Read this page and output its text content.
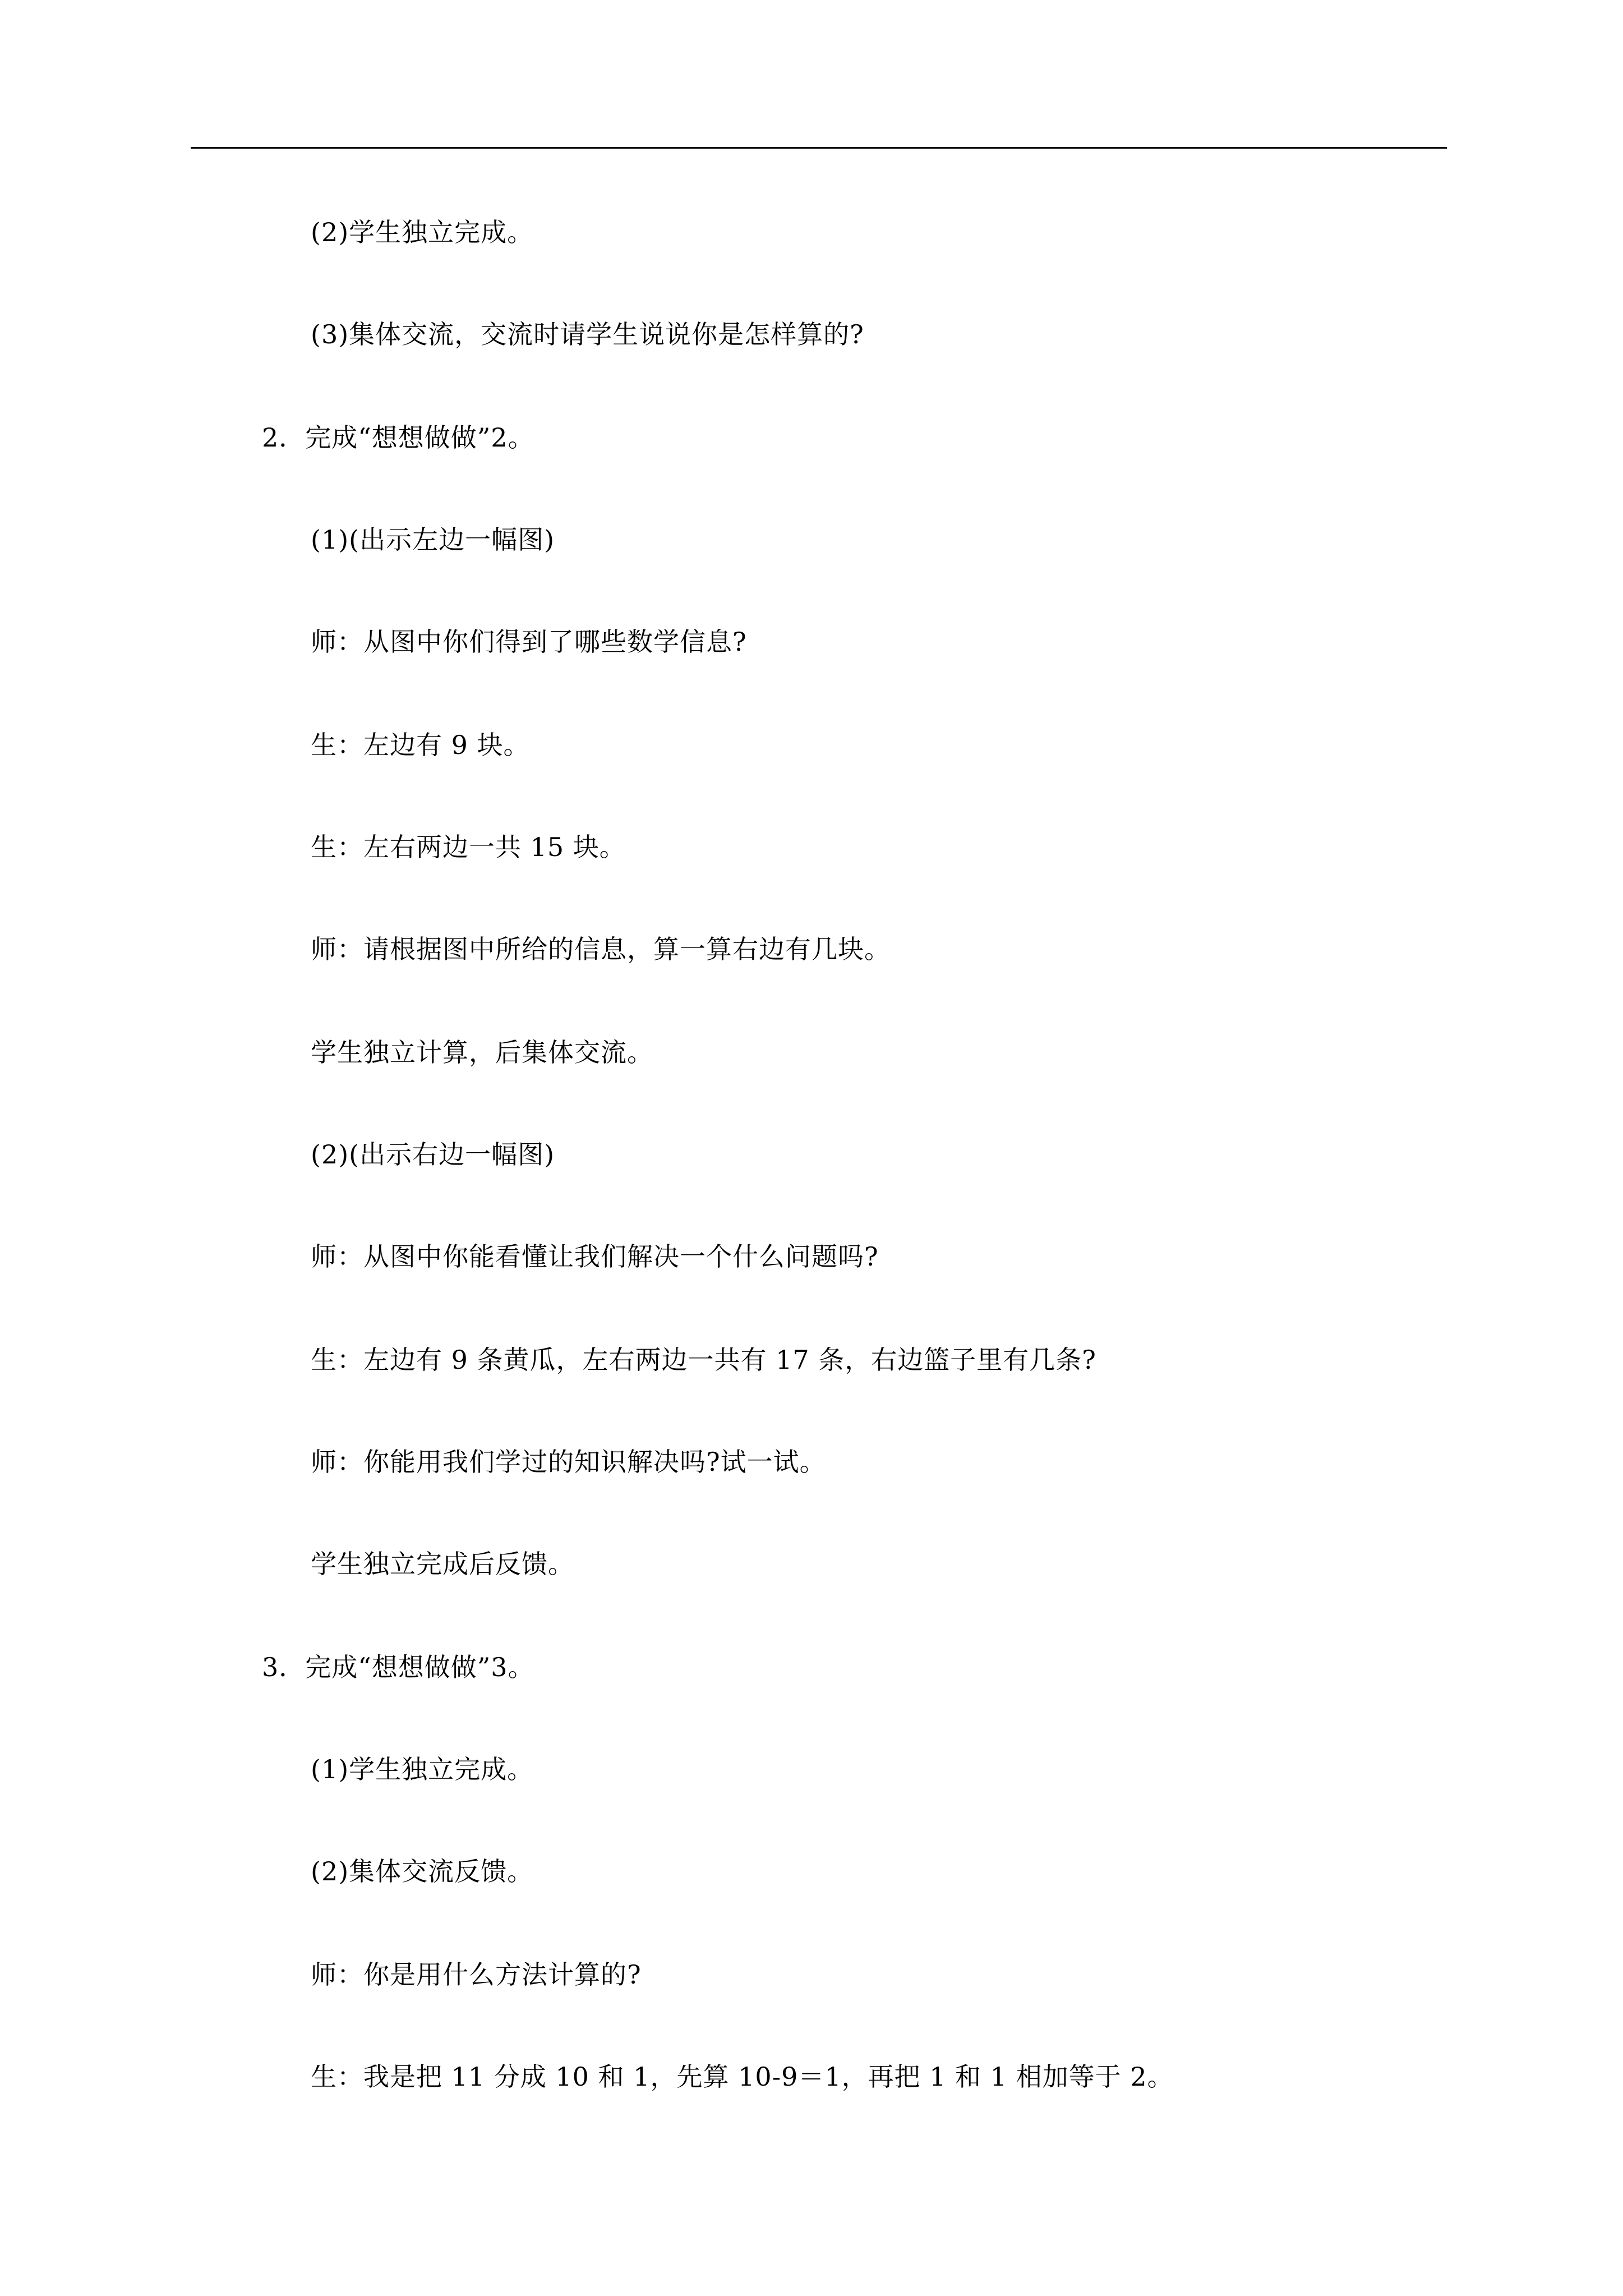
(2)学生独立完成。
(3)集体交流，交流时请学生说说你是怎样算的?
2．完成“想想做做”2。
(1)(出示左边一幅图)
师：从图中你们得到了哪些数学信息?
生：左边有 9 块。
生：左右两边一共 15 块。
师：请根据图中所给的信息，算一算右边有几块。
学生独立计算，后集体交流。
(2)(出示右边一幅图)
师：从图中你能看懂让我们解决一个什么问题吗?
生：左边有 9 条黄瓜，左右两边一共有 17 条，右边篮子里有几条?
师：你能用我们学过的知识解决吗?试一试。
学生独立完成后反馈。
3．完成“想想做做”3。
(1)学生独立完成。
(2)集体交流反馈。
师：你是用什么方法计算的?
生：我是把 11 分成 10 和 1，先算 10-9＝1，再把 1 和 1 相加等于 2。
